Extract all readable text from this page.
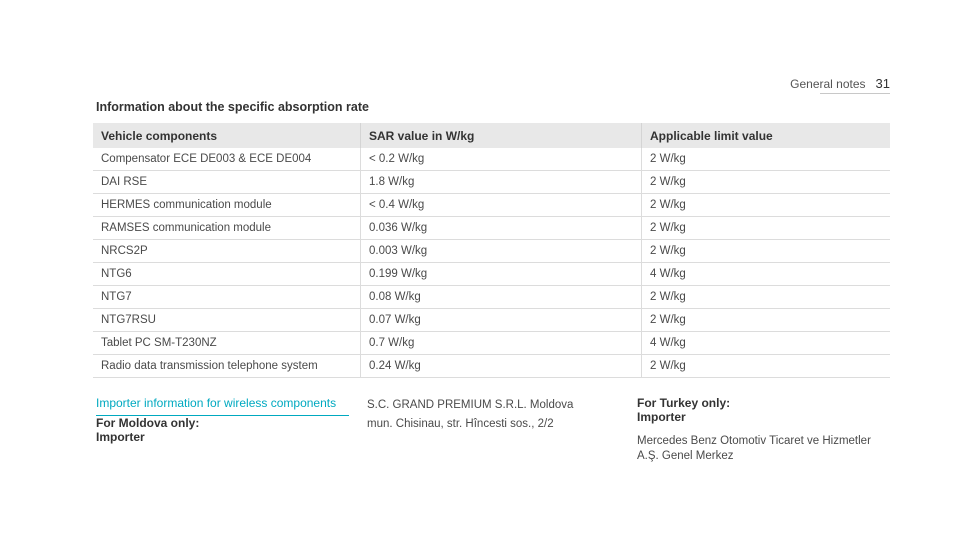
General notes 31
Information about the specific absorption rate
Vehicle components	SAR value in W/kg	Applicable limit value
Compensator ECE DE003 & ECE DE004	< 0.2 W/kg	2 W/kg
DAI RSE	1.8 W/kg	2 W/kg
HERMES communication module	< 0.4 W/kg	2 W/kg
RAMSES communication module	0.036 W/kg	2 W/kg
NRCS2P	0.003 W/kg	2 W/kg
NTG6	0.199 W/kg	4 W/kg
NTG7	0.08 W/kg	2 W/kg
NTG7RSU	0.07 W/kg	2 W/kg
Tablet PC SM-T230NZ	0.7 W/kg	4 W/kg
Radio data transmission telephone system	0.24 W/kg	2 W/kg
Importer information for wireless components
For Moldova only:
Importer
S.C. GRAND PREMIUM S.R.L. Moldova
mun. Chisinau, str. Hîncesti sos., 2/2
For Turkey only:
Importer
Mercedes Benz Otomotiv Ticaret ve Hizmetler
A.Ş. Genel Merkez
